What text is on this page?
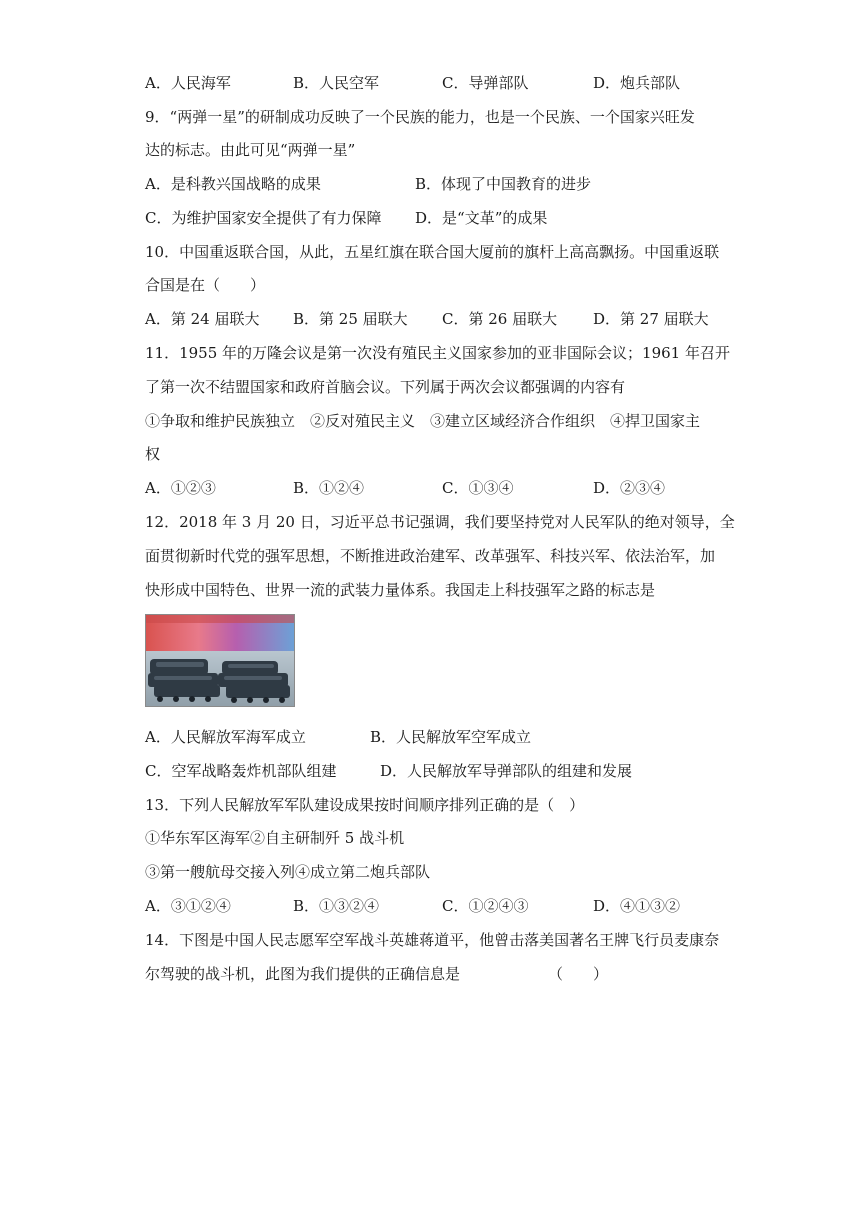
A．人民海军	B．人民空军	C．导弹部队	D．炮兵部队
9．“两弹一星”的研制成功反映了一个民族的能力，也是一个民族、一个国家兴旺发
达的标志。由此可见“两弹一星”
A．是科教兴国战略的成果	B．体现了中国教育的进步
C．为维护国家安全提供了有力保障 D．是“文革”的成果
10．中国重返联合国，从此，五星红旗在联合国大厦前的旗杆上高高飘扬。中国重返联
合国是在（　　）
A．第 24 届联大 B．第 25 届联大 C．第 26 届联大 D．第 27 届联大
11．1955 年的万隆会议是第一次没有殖民主义国家参加的亚非国际会议；1961 年召开
了第一次不结盟国家和政府首脑会议。下列属于两次会议都强调的内容有
①争取和维护民族独立　②反对殖民主义　③建立区域经济合作组织　④捍卫国家主
权
A．①②③	B．①②④	C．①③④	D．②③④
12．2018 年 3 月 20 日，习近平总书记强调，我们要坚持党对人民军队的绝对领导，全
面贯彻新时代党的强军思想，不断推进政治建军、改革强军、科技兴军、依法治军，加
快形成中国特色、世界一流的武装力量体系。我国走上科技强军之路的标志是
A．人民解放军海军成立	B．人民解放军空军成立
C．空军战略轰炸机部队组建	D．人民解放军导弹部队的组建和发展
13．下列人民解放军军队建设成果按时间顺序排列正确的是（　）
①华东军区海军②自主研制歼 5 战斗机
③第一艘航母交接入列④成立第二炮兵部队
A．③①②④	B．①③②④	C．①②④③	D．④①③②
14．下图是中国人民志愿军空军战斗英雄蒋道平，他曾击落美国著名王牌飞行员麦康奈
尔驾驶的战斗机，此图为我们提供的正确信息是	（　　）
